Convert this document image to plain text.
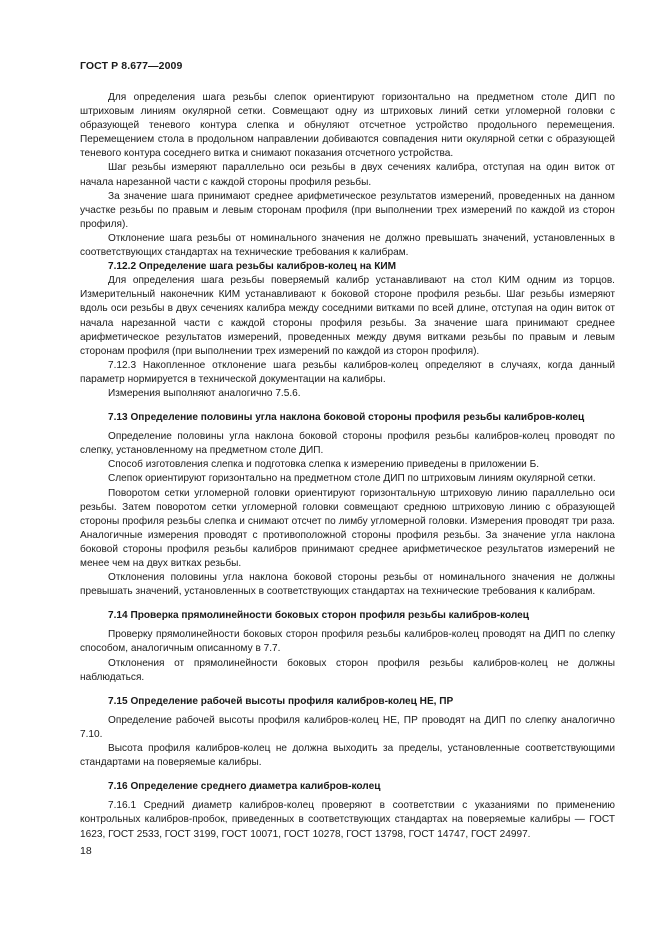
ГОСТ Р 8.677—2009

Для определения шага резьбы слепок ориентируют горизонтально на предметном столе ДИП по штриховым линиям окулярной сетки. Совмещают одну из штриховых линий сетки угломерной головки с образующей теневого контура слепка и обнуляют отсчетное устройство продольного перемещения. Перемещением стола в продольном направлении добиваются совпадения нити окулярной сетки с образующей теневого контура соседнего витка и снимают показания отсчетного устройства.

Шаг резьбы измеряют параллельно оси резьбы в двух сечениях калибра, отступая на один виток от начала нарезанной части с каждой стороны профиля резьбы.

За значение шага принимают среднее арифметическое результатов измерений, проведенных на данном участке резьбы по правым и левым сторонам профиля (при выполнении трех измерений по каждой из сторон профиля).

Отклонение шага резьбы от номинального значения не должно превышать значений, установленных в соответствующих стандартах на технические требования к калибрам.

7.12.2 Определение шага резьбы калибров-колец на КИМ

Для определения шага резьбы поверяемый калибр устанавливают на стол КИМ одним из торцов. Измерительный наконечник КИМ устанавливают к боковой стороне профиля резьбы. Шаг резьбы измеряют вдоль оси резьбы в двух сечениях калибра между соседними витками по всей длине, отступая на один виток от начала нарезанной части с каждой стороны профиля резьбы. За значение шага принимают среднее арифметическое результатов измерений, проведенных между двумя витками резьбы по правым и левым сторонам профиля (при выполнении трех измерений по каждой из сторон профиля).

7.12.3 Накопленное отклонение шага резьбы калибров-колец определяют в случаях, когда данный параметр нормируется в технической документации на калибры.

Измерения выполняют аналогично 7.5.6.

7.13 Определение половины угла наклона боковой стороны профиля резьбы калибров-колец

Определение половины угла наклона боковой стороны профиля резьбы калибров-колец проводят по слепку, установленному на предметном столе ДИП.

Способ изготовления слепка и подготовка слепка к измерению приведены в приложении Б.

Слепок ориентируют горизонтально на предметном столе ДИП по штриховым линиям окулярной сетки.

Поворотом сетки угломерной головки ориентируют горизонтальную штриховую линию параллельно оси резьбы. Затем поворотом сетки угломерной головки совмещают среднюю штриховую линию с образующей стороны профиля резьбы слепка и снимают отсчет по лимбу угломерной головки. Измерения проводят три раза. Аналогичные измерения проводят с противоположной стороны профиля резьбы. За значение угла наклона боковой стороны профиля резьбы калибров принимают среднее арифметическое результатов измерений не менее чем на двух витках резьбы.

Отклонения половины угла наклона боковой стороны резьбы от номинального значения не должны превышать значений, установленных в соответствующих стандартах на технические требования к калибрам.

7.14 Проверка прямолинейности боковых сторон профиля резьбы калибров-колец

Проверку прямолинейности боковых сторон профиля резьбы калибров-колец проводят на ДИП по слепку способом, аналогичным описанному в 7.7.

Отклонения от прямолинейности боковых сторон профиля резьбы калибров-колец не должны наблюдаться.

7.15 Определение рабочей высоты профиля калибров-колец НЕ, ПР

Определение рабочей высоты профиля калибров-колец НЕ, ПР проводят на ДИП по слепку аналогично 7.10.

Высота профиля калибров-колец не должна выходить за пределы, установленные соответствующими стандартами на поверяемые калибры.

7.16 Определение среднего диаметра калибров-колец

7.16.1 Средний диаметр калибров-колец проверяют в соответствии с указаниями по применению контрольных калибров-пробок, приведенных в соответствующих стандартах на поверяемые калибры — ГОСТ 1623, ГОСТ 2533, ГОСТ 3199, ГОСТ 10071, ГОСТ 10278, ГОСТ 13798, ГОСТ 14747, ГОСТ 24997.

18
